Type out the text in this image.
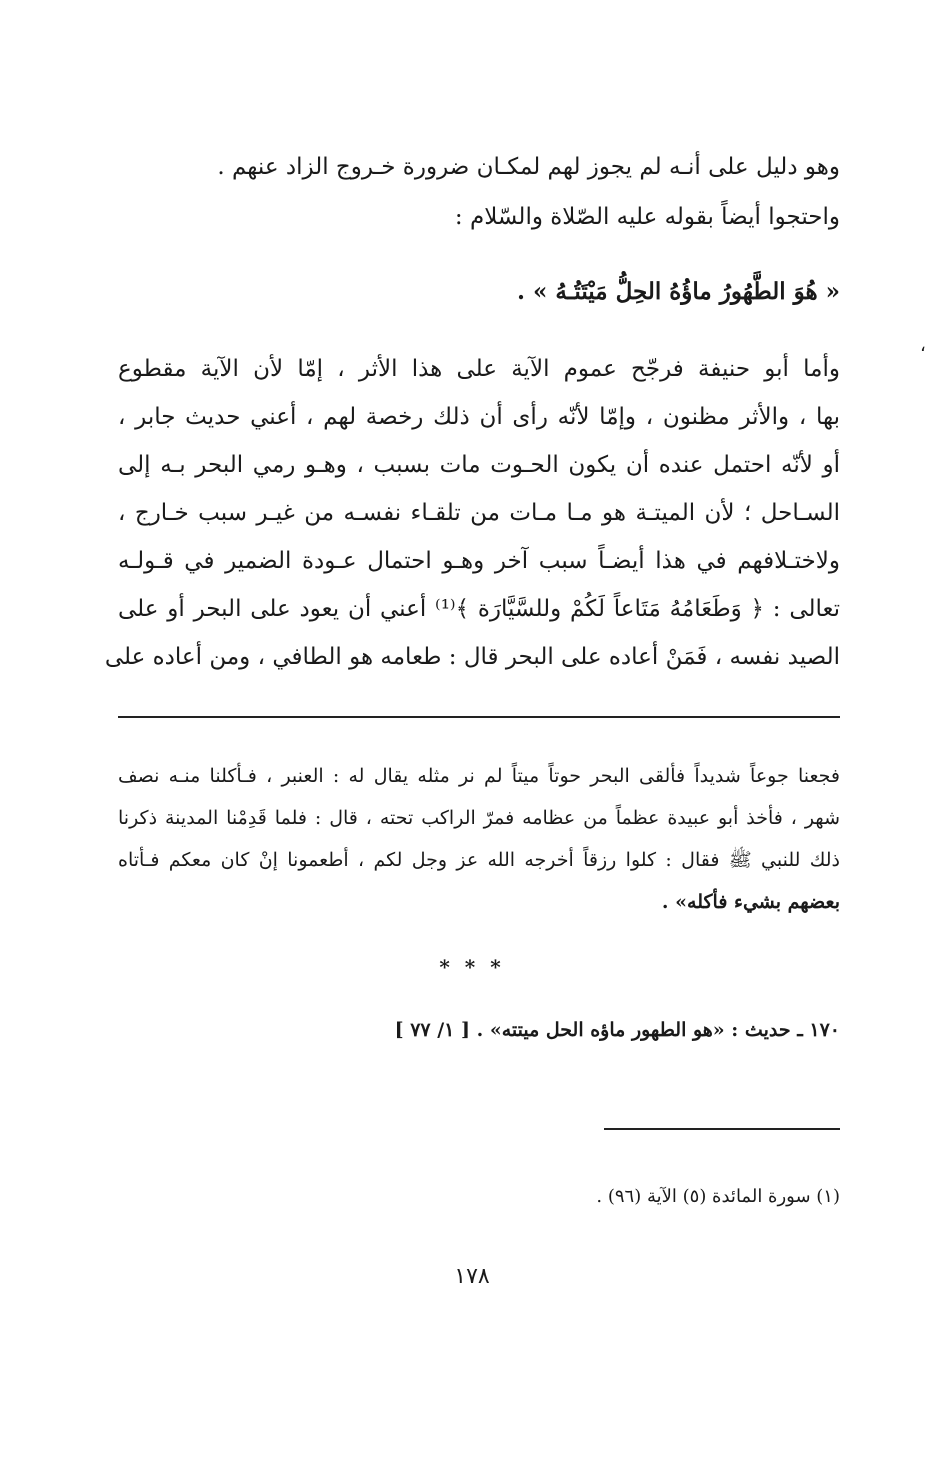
وهو دليل على أنـه لم يجوز لهم لمكـان ضرورة خـروج الزاد عنهم .

واحتجوا أيضاً بقوله عليه الصّلاة والسّلام :

« هُوَ الطَّهُورُ ماؤُهُ الحِلُّ مَيْتَتُـهُ » .

،

وأما أبو حنيفة فرجّح عموم الآية على هذا الأثر ، إمّا لأن الآية مقطوع

بها ، والأثر مظنون ، وإمّا لأنّه رأى أن ذلك رخصة لهم ، أعني حديث جابر ،

أو لأنّه احتمل عنده أن يكون الحـوت مات بسبب ، وهـو رمي البحر بـه إلى

السـاحل ؛ لأن الميتـة هو مـا مـات من تلقـاء نفسـه من غيـر سبب خـارج ،

ولاختـلافهم في هذا أيضـاً سبب آخر وهـو احتمال عـودة الضمير في قـولـه

تعالى : ﴿ وَطَعَامُهُ مَتَاعاً لَكُمْ وللسَّيَّارَة ﴾⁽¹⁾ أعني أن يعود على البحر أو على

الصيد نفسه ، فَمَنْ أعاده على البحر قال : طعامه هو الطافي ، ومن أعاده على

فجعنا جوعاً شديداً فألقى البحر حوتاً ميتاً لم نر مثله يقال له : العنبر ، فـأكلنا منـه نصف

شهر ، فأخذ أبو عبيدة عظماً من عظامه فمرّ الراكب تحته ، قال : فلما قَدِمْنا المدينة ذكرنا

ذلك للنبي ﷺ فقال : كلوا رزقاً أخرجه الله عز وجل لكم ، أطعمونا إنْ كان معكم فـأتاه

بعضهم بشيء فأكله» .

* * *

١٧٠ ـ حديث : «هو الطهور ماؤه الحل ميتته» . [ ١/ ٧٧ ]

(١) سورة المائدة (٥) الآية (٩٦) .

١٧٨
